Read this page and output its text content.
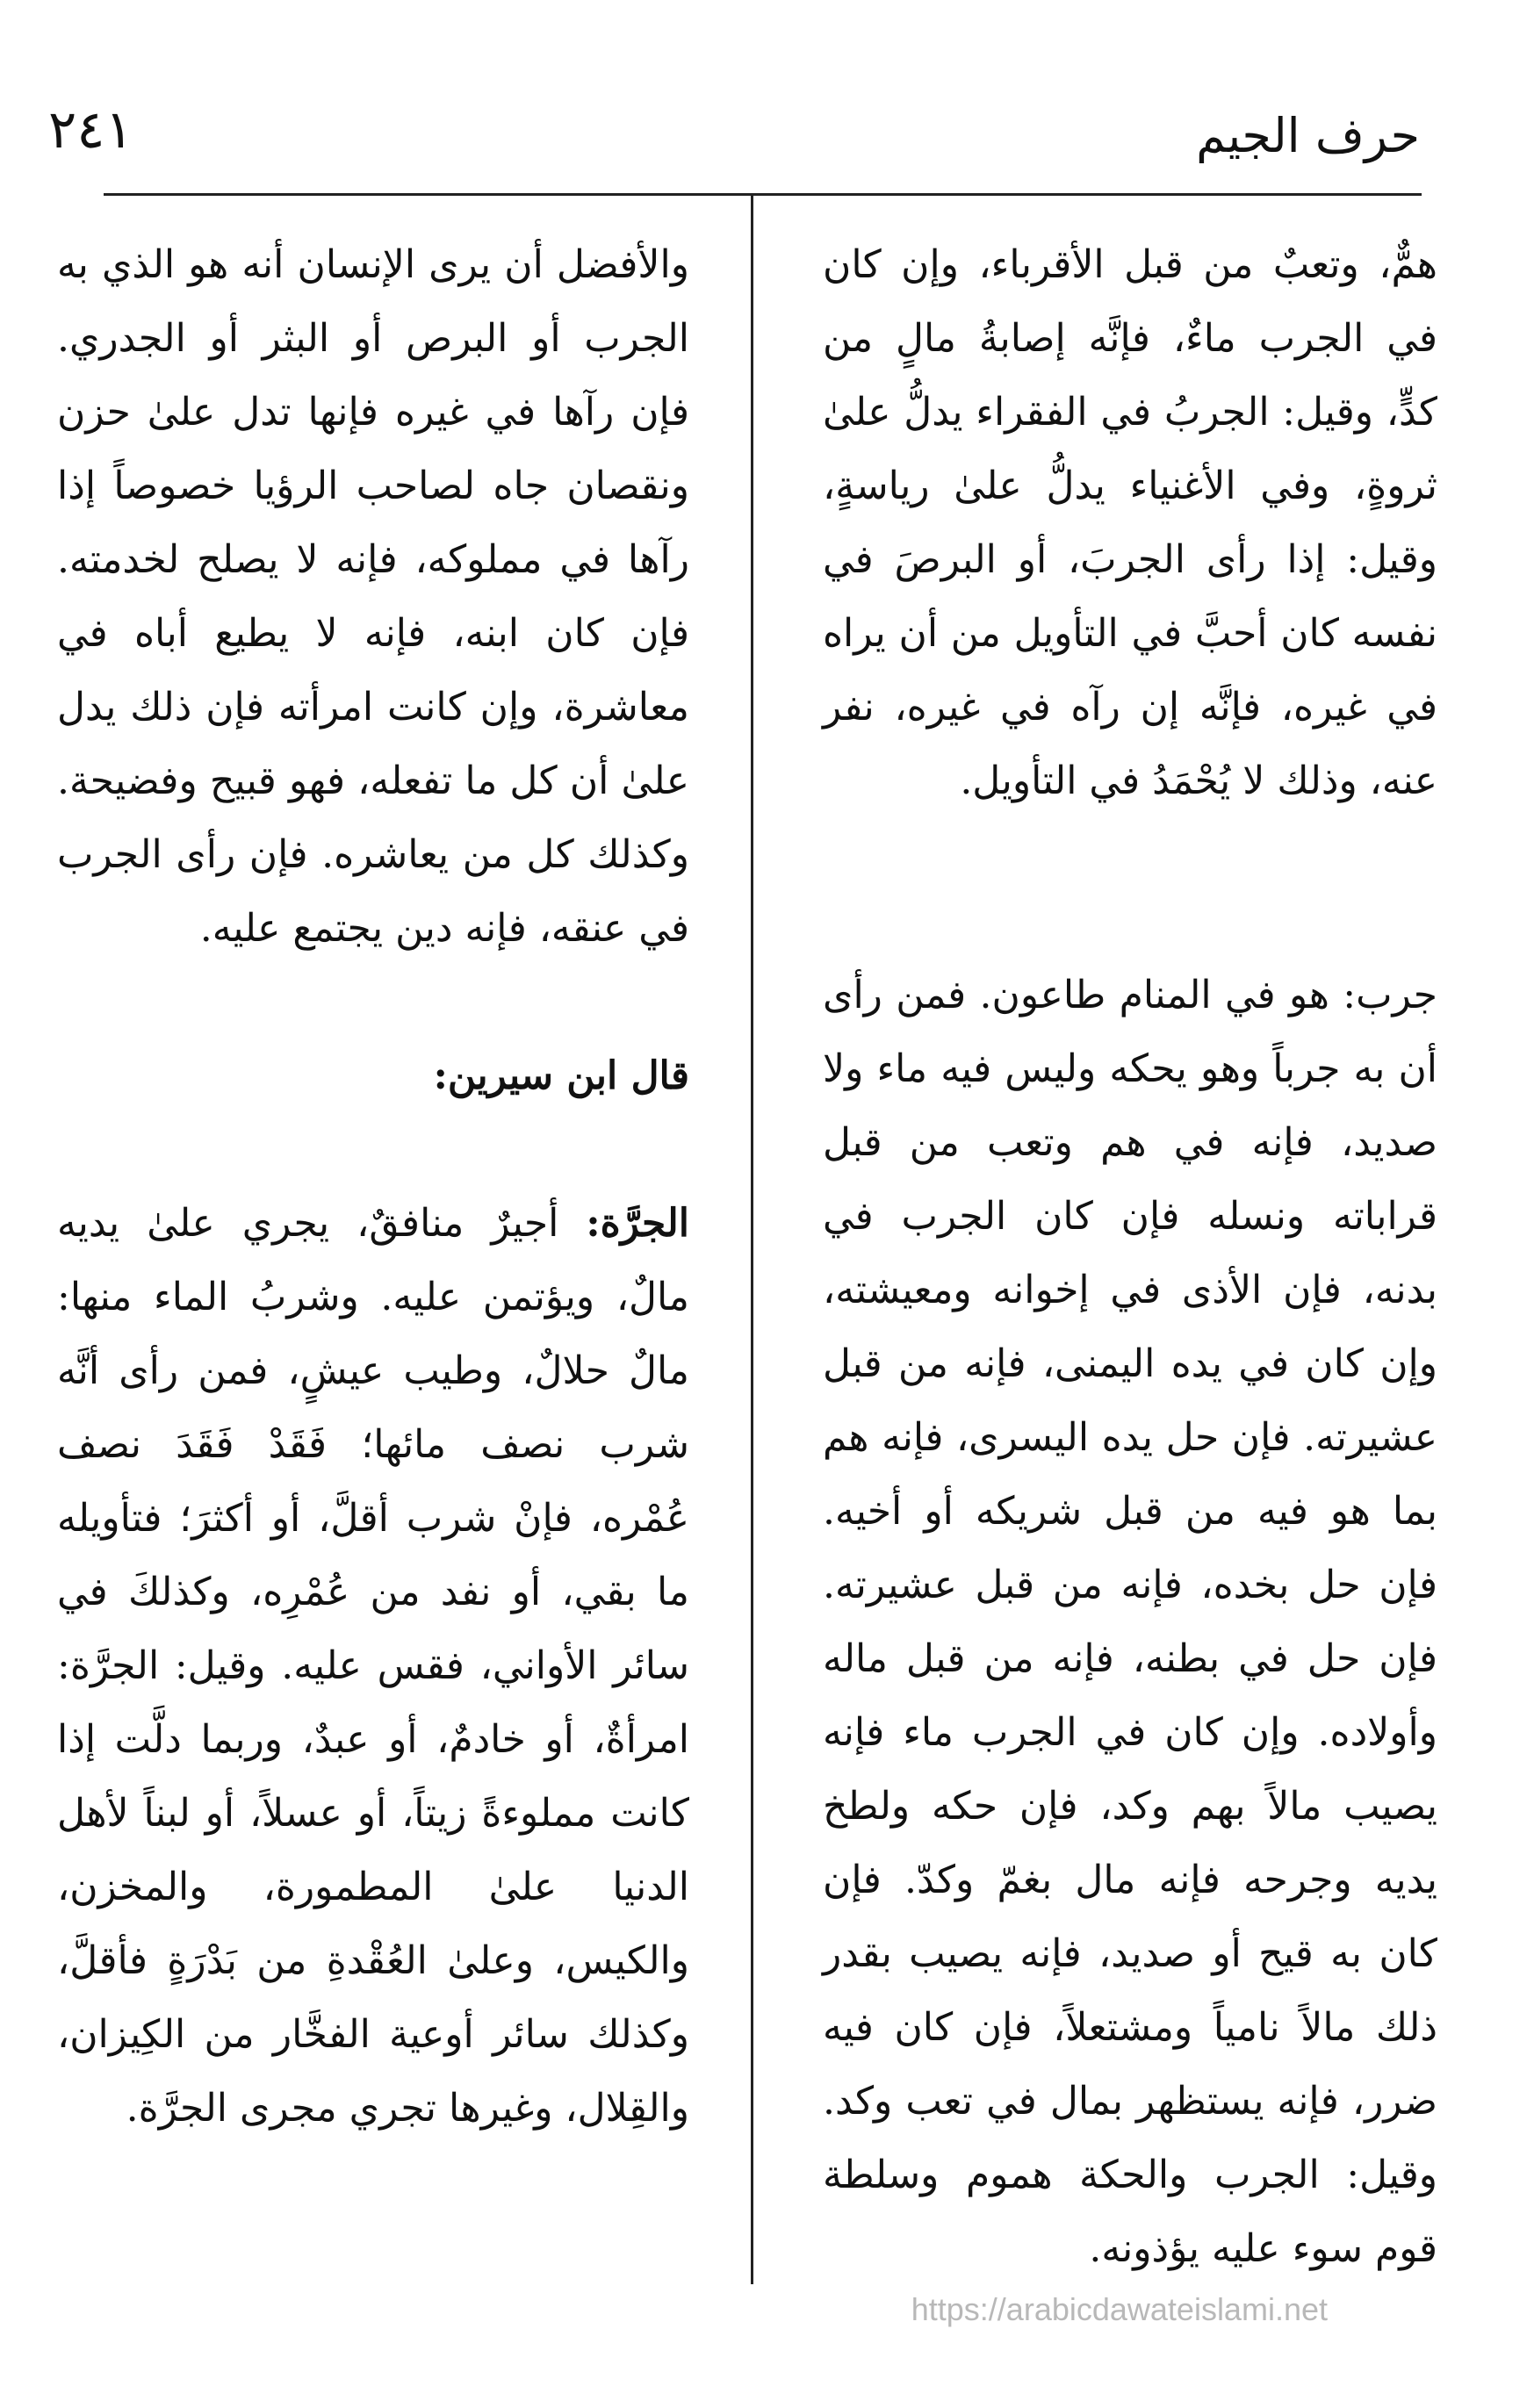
٢٤١	حرف الجيم

همٌّ، وتعبٌ من قبل الأقرباء، وإن كان في الجرب ماءٌ، فإنَّه إصابةُ مالٍ من كدٍّ، وقيل: الجربُ في الفقراء يدلُّ علىٰ ثروةٍ، وفي الأغنياء يدلُّ علىٰ رياسةٍ، وقيل: إذا رأى الجربَ، أو البرصَ في نفسه كان أحبَّ في التأويل من أن يراه في غيره، فإنَّه إن رآه في غيره، نفر عنه، وذلك لا يُحْمَدُ في التأويل.

جرب: هو في المنام طاعون. فمن رأى أن به جرباً وهو يحكه وليس فيه ماء ولا صديد، فإنه في هم وتعب من قبل قراباته ونسله فإن كان الجرب في بدنه، فإن الأذى في إخوانه ومعيشته، وإن كان في يده اليمنى، فإنه من قبل عشيرته. فإن حل يده اليسرى، فإنه هم بما هو فيه من قبل شريكه أو أخيه. فإن حل بخده، فإنه من قبل عشيرته. فإن حل في بطنه، فإنه من قبل ماله وأولاده. وإن كان في الجرب ماء فإنه يصيب مالاً بهم وكد، فإن حكه ولطخ يديه وجرحه فإنه مال بغمّ وكدّ. فإن كان به قيح أو صديد، فإنه يصيب بقدر ذلك مالاً نامياً ومشتعلاً، فإن كان فيه ضرر، فإنه يستظهر بمال في تعب وكد. وقيل: الجرب والحكة هموم وسلطة قوم سوء عليه يؤذونه.

والأفضل أن يرى الإنسان أنه هو الذي به الجرب أو البرص أو البثر أو الجدري. فإن رآها في غيره فإنها تدل علىٰ حزن ونقصان جاه لصاحب الرؤيا خصوصاً إذا رآها في مملوكه، فإنه لا يصلح لخدمته. فإن كان ابنه، فإنه لا يطيع أباه في معاشرة، وإن كانت امرأته فإن ذلك يدل علىٰ أن كل ما تفعله، فهو قبيح وفضيحة. وكذلك كل من يعاشره. فإن رأى الجرب في عنقه، فإنه دين يجتمع عليه.

قال ابن سيرين:

الجرَّة: أجيرٌ منافقٌ، يجري علىٰ يديه مالٌ، ويؤتمن عليه. وشربُ الماء منها: مالٌ حلالٌ، وطيب عيشٍ، فمن رأى أنَّه شرب نصف مائها؛ فَقَدْ فَقَدَ نصف عُمْره، فإنْ شرب أقلَّ، أو أكثرَ؛ فتأويله ما بقي، أو نفد من عُمْرِه، وكذلكَ في سائر الأواني، فقس عليه. وقيل: الجرَّة: امرأةٌ، أو خادمٌ، أو عبدٌ، وربما دلَّت إذا كانت مملوءةً زيتاً، أو عسلاً، أو لبناً لأهل الدنيا علىٰ المطمورة، والمخزن، والكيس، وعلىٰ العُقْدةِ من بَدْرَةٍ فأقلَّ، وكذلك سائر أوعية الفخَّار من الكِيزان، والقِلال، وغيرها تجري مجرى الجرَّة.

https://arabicdawateislami.net
